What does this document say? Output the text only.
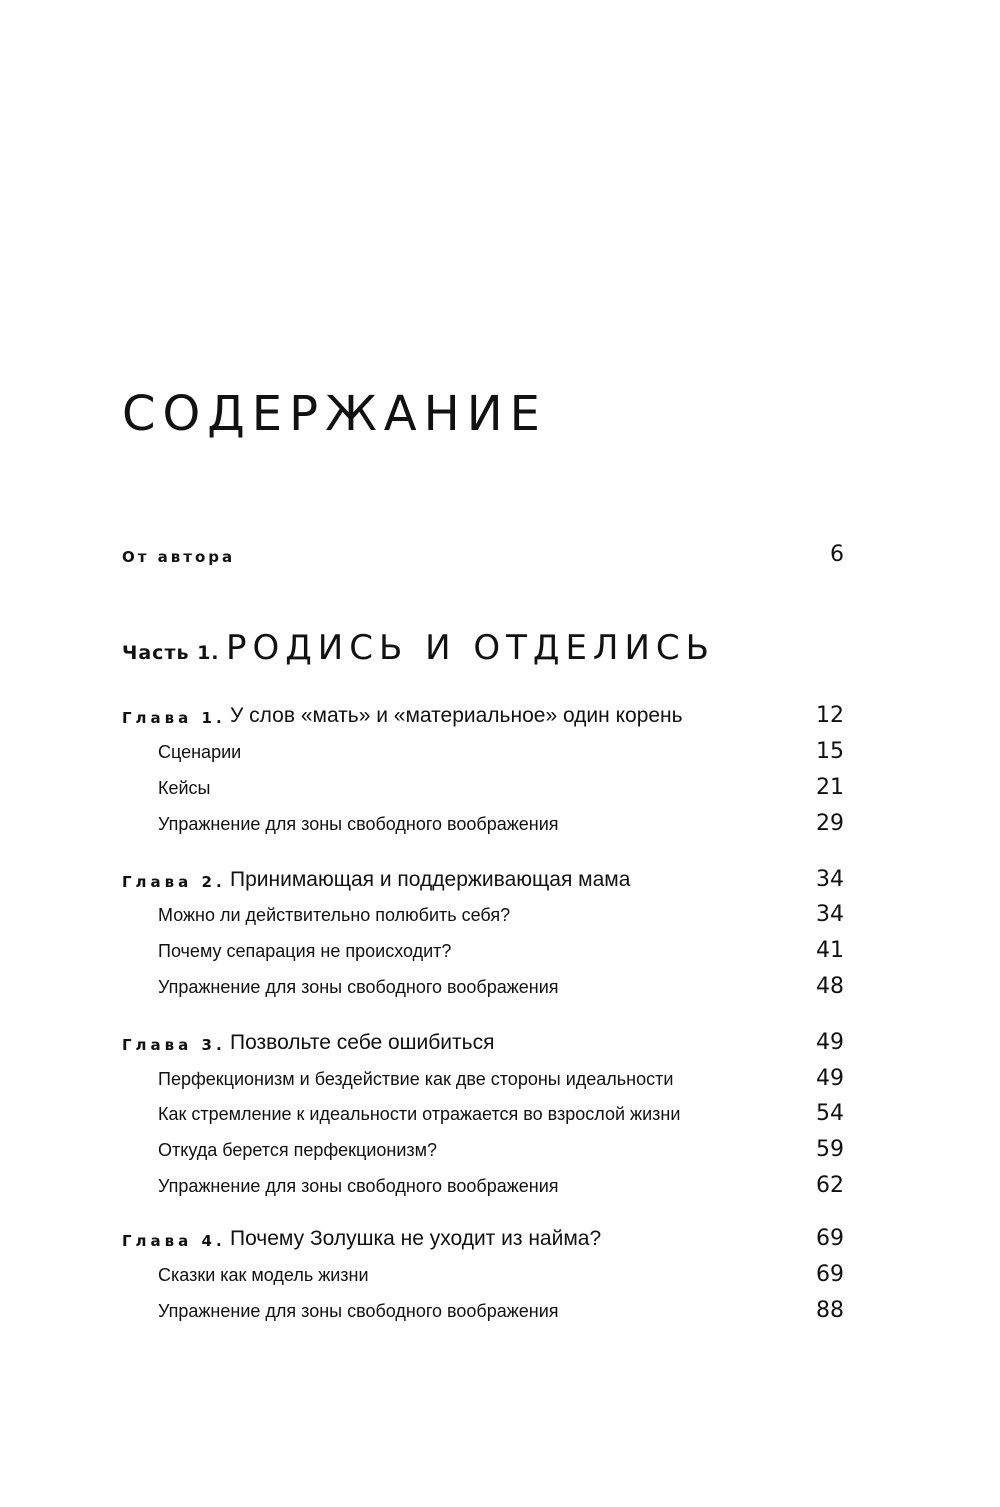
СОДЕРЖАНИЕ
От автора	6
Часть 1. РОДИСЬ И ОТДЕЛИСЬ
Глава 1. У слов «мать» и «материальное» один корень	12
Сценарии	15
Кейсы	21
Упражнение для зоны свободного воображения	29
Глава 2. Принимающая и поддерживающая мама	34
Можно ли действительно полюбить себя?	34
Почему сепарация не происходит?	41
Упражнение для зоны свободного воображения	48
Глава 3. Позвольте себе ошибиться	49
Перфекционизм и бездействие как две стороны идеальности	49
Как стремление к идеальности отражается во взрослой жизни	54
Откуда берется перфекционизм?	59
Упражнение для зоны свободного воображения	62
Глава 4. Почему Золушка не уходит из найма?	69
Сказки как модель жизни	69
Упражнение для зоны свободного воображения	88
